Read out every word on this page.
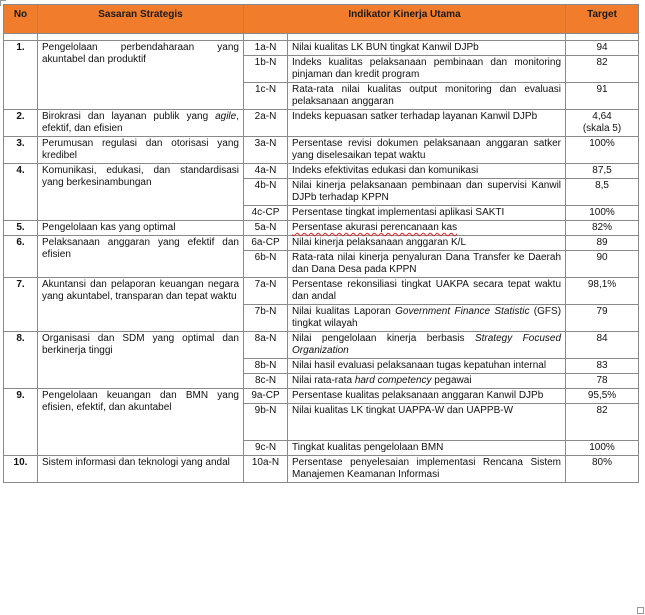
No	Sasaran Strategis	Indikator Kinerja Utama		Target

1.	Pengelolaan perbendaharaan yang akuntabel dan produktif	1a-N	Nilai kualitas LK BUN tingkat Kanwil DJPb	94
		1b-N	Indeks kualitas pelaksanaan pembinaan dan monitoring pinjaman dan kredit program	82
		1c-N	Rata-rata nilai kualitas output monitoring dan evaluasi pelaksanaan anggaran	91
2.	Birokrasi dan layanan publik yang agile, efektif, dan efisien	2a-N	Indeks kepuasan satker terhadap layanan Kanwil DJPb	4,64
(skala 5)

3.	Perumusan regulasi dan otorisasi yang kredibel	3a-N	Persentase revisi dokumen pelaksanaan anggaran satker yang diselesaikan tepat waktu	100%
4.	Komunikasi, edukasi, dan standardisasi yang berkesinambungan	4a-N	Indeks efektivitas edukasi dan komunikasi	87,5
		4b-N	Nilai kinerja pelaksanaan pembinaan dan supervisi Kanwil DJPb terhadap KPPN	8,5
		4c-CP	Persentase tingkat implementasi aplikasi SAKTI	100%
5.	Pengelolaan kas yang optimal	5a-N	Persentase akurasi perencanaan kas	82%
6.	Pelaksanaan anggaran yang efektif dan efisien	6a-CP	Nilai kinerja pelaksanaan anggaran K/L	89
		6b-N	Rata-rata nilai kinerja penyaluran Dana Transfer ke Daerah dan Dana Desa pada KPPN	90
7.	Akuntansi dan pelaporan keuangan negara yang akuntabel, transparan dan tepat waktu	7a-N	Persentase rekonsiliasi tingkat UAKPA secara tepat waktu dan andal	98,1%
		7b-N	Nilai kualitas Laporan Government Finance Statistic (GFS) tingkat wilayah	79
8.	Organisasi dan SDM yang optimal dan berkinerja tinggi	8a-N	Nilai pengelolaan kinerja berbasis Strategy Focused Organization	84
		8b-N	Nilai hasil evaluasi pelaksanaan tugas kepatuhan internal	83
		8c-N	Nilai rata-rata hard competency pegawai	78
9.	Pengelolaan keuangan dan BMN yang efisien, efektif, dan akuntabel	9a-CP	Persentase kualitas pelaksanaan anggaran Kanwil DJPb	95,5%
		9b-N	Nilai kualitas LK tingkat UAPPA-W dan UAPPB-W	82
		9c-N	Tingkat kualitas pengelolaan BMN	100%
10.	Sistem informasi dan teknologi yang andal	10a-N	Persentase penyelesaian implementasi Rencana Sistem Manajemen Keamanan Informasi	80%
